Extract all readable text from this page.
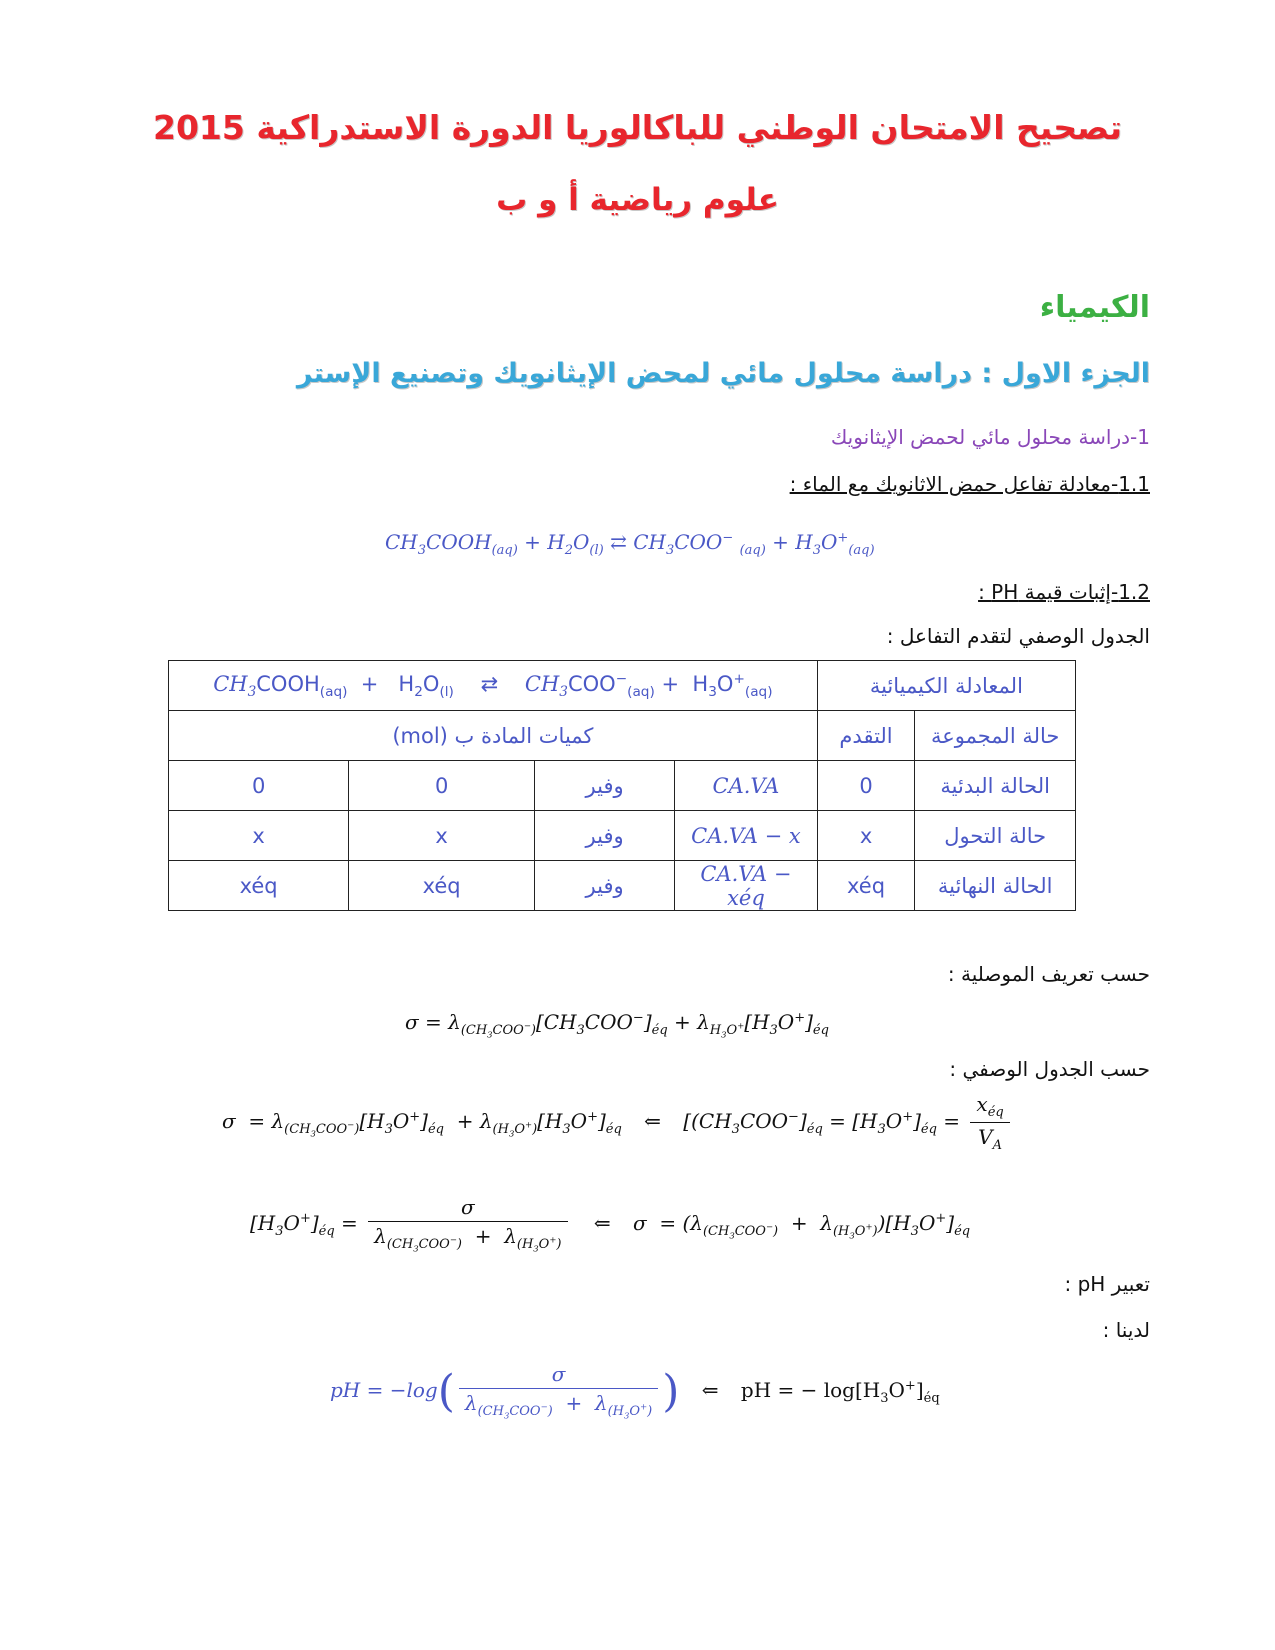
تصحيح الامتحان الوطني للباكالوريا الدورة الاستدراكية 2015
علوم رياضية أ و ب
الكيمياء
الجزء الاول : دراسة محلول مائي لمحض الإيثانويك وتصنيع الإستر
1-دراسة محلول مائي لحمض الإيثانويك
1.1-معادلة تفاعل حمض الاثانويك مع الماء :
$CH_3COOH_{(aq)} + H_2O_{(l)}$ ⇄ $CH_3COO^-$ $_{(aq)} + H_3O^+_{(aq)}$
1.2-إثبات قيمة PH :
الجدول الوصفي لتقدم التفاعل :
$CH_3COOH_{(aq)} + H_2O_{(l)}$    ⇄    $CH_3COO^-_{(aq)} + H_3O^+_{(aq)}$				المعادلة الكيميائية	
كميات المادة ب (mol)				التقدم	حالة المجموعة
0	0	وفير	CA.VA	0	الحالة البدئية
x	x	وفير	CA.VA − x	x	حالة التحول
xéq	xéq	وفير	CA.VA − xéq	xéq	الحالة النهائية
حسب تعريف الموصلية :
$\sigma = \lambda_{(CH_3COO^-)}[CH_3COO^-]_{éq} + \lambda_{H_3O^+}[H_3O^+]_{éq}$
حسب الجدول الوصفي :
$\sigma = \lambda_{(CH_3COO^-)}[H_3O^+]_{éq} + \lambda_{(H_3O^+)}[H_3O^+]_{éq}$ ⇐ [$(CH_3COO^-]_{éq} = [H_3O^+]_{éq} = \frac{x_{éq}}{V_A}$
$[H_3O^+]_{éq} = \frac{\sigma}{\lambda_{(CH_3COO^-)} + \lambda_{(H_3O^+)}}$ ⇐ $\sigma = (\lambda_{(CH_3COO^-)} + \lambda_{(H_3O^+)})[H_3O^+]_{éq}$
تعبير pH :
لدينا :
pH = $-\log( \frac{\sigma}{\lambda_{(CH_3COO^-)} + \lambda_{(H_3O^+)}}$ ) ⇐ pH = − $\log[H_3O^+]_{éq}$
